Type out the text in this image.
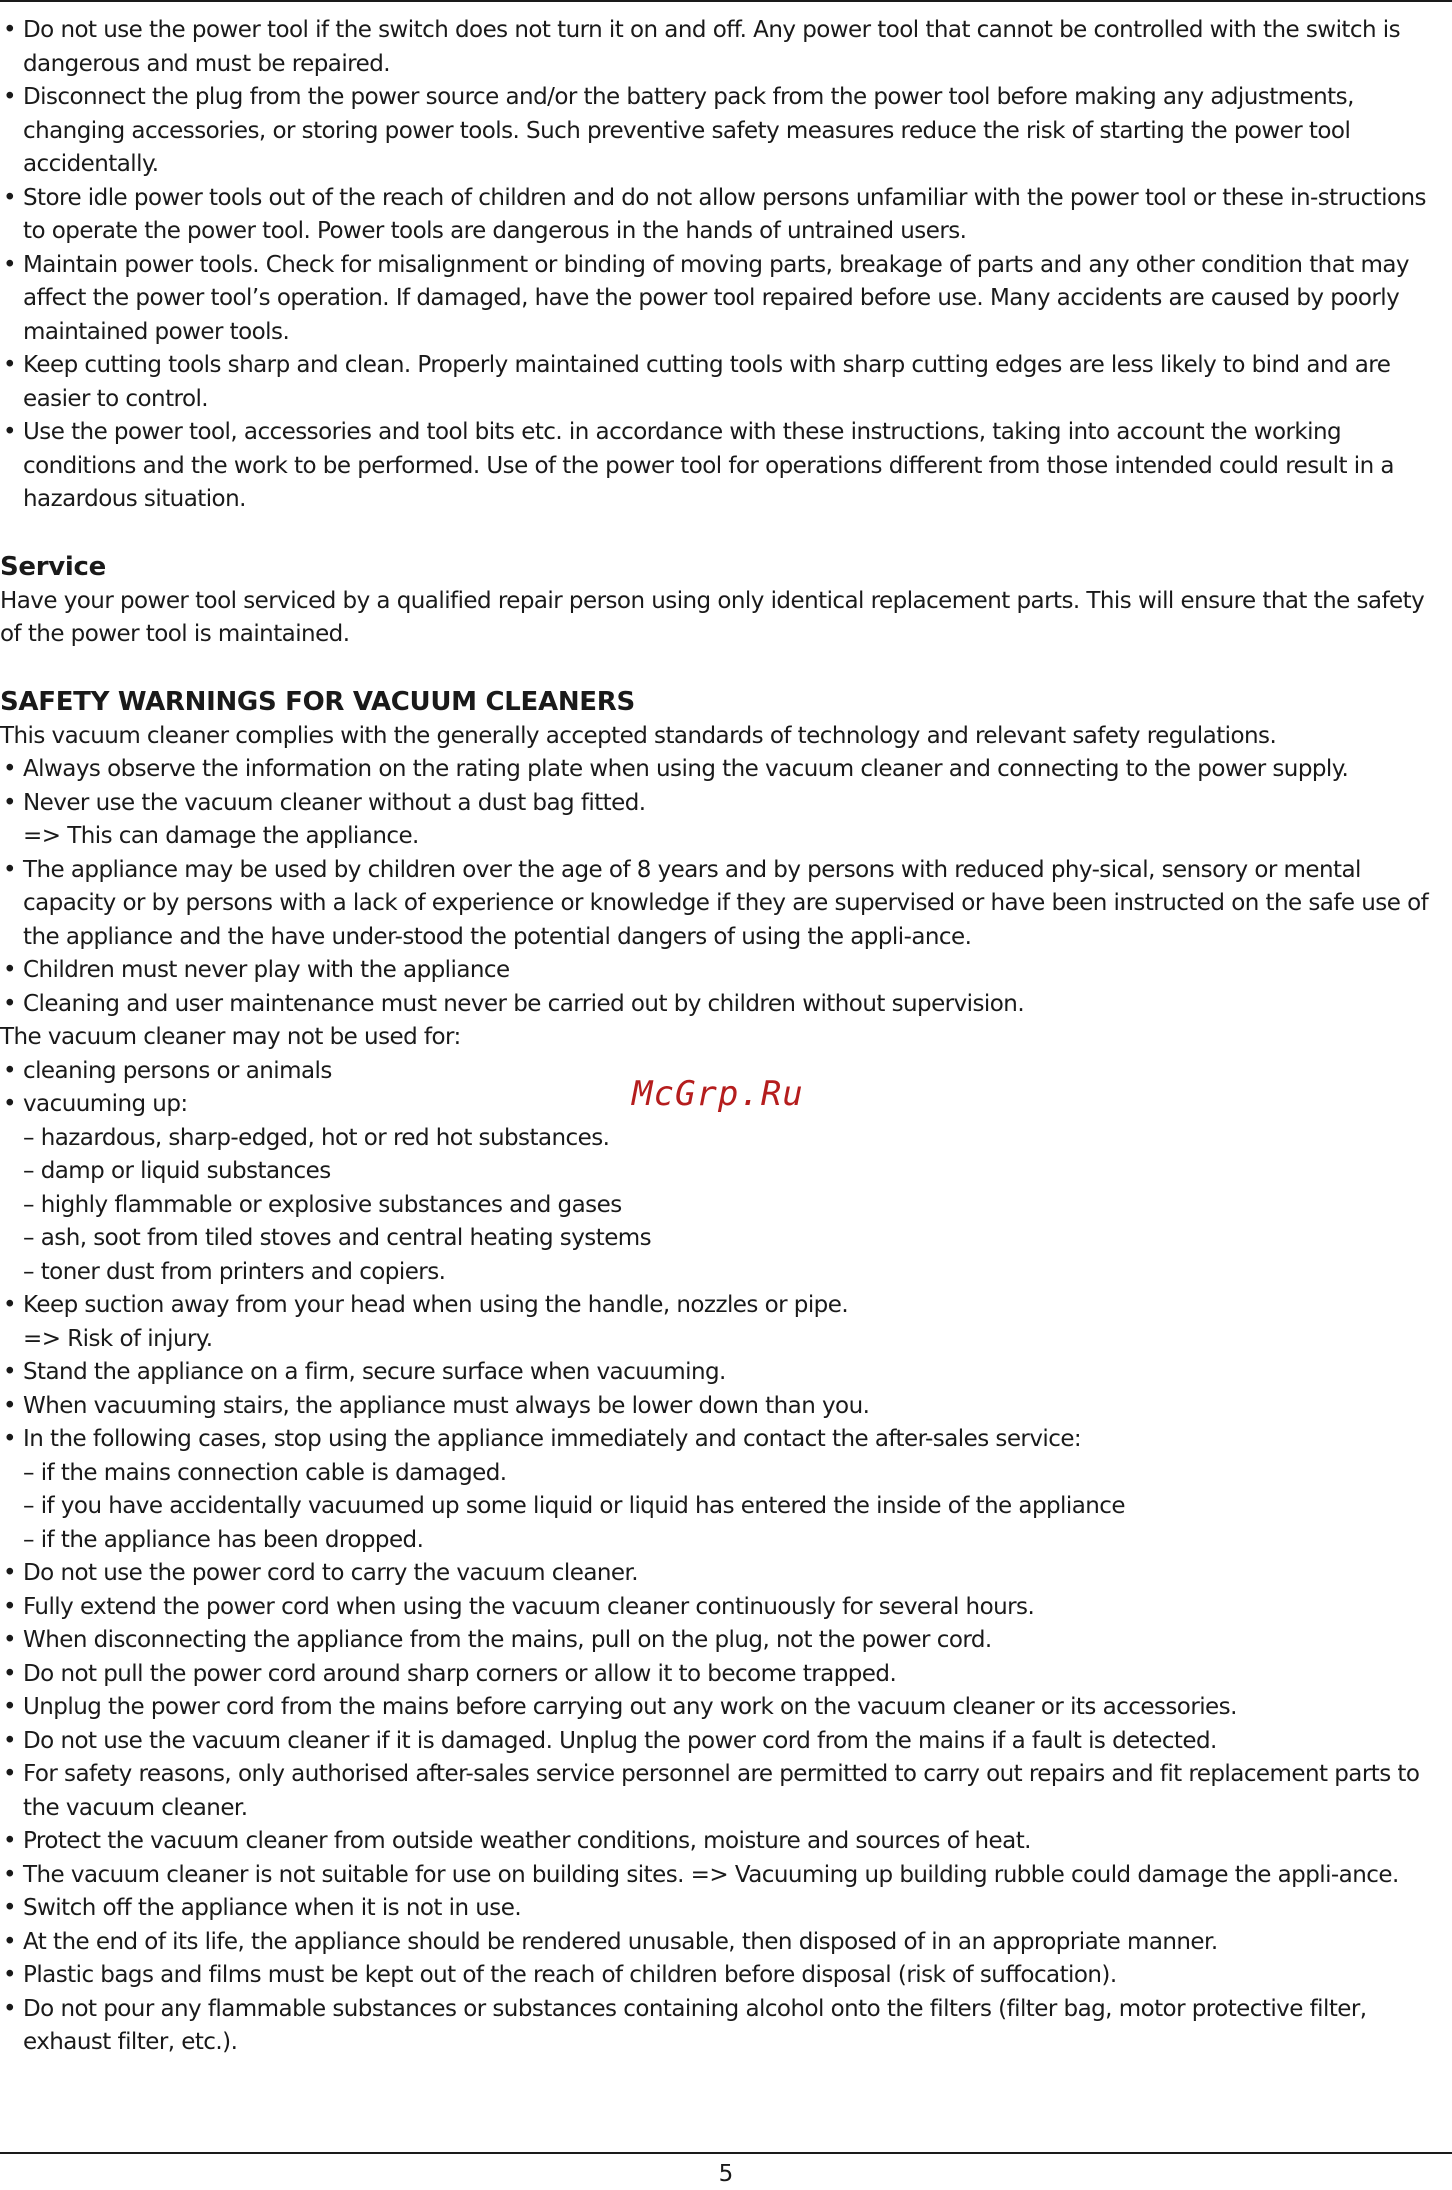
• Do not use the power tool if the switch does not turn it on and off. Any power tool that cannot be controlled with the switch is dangerous and must be repaired.

• Disconnect the plug from the power source and/or the battery pack from the power tool before making any adjustments, changing accessories, or storing power tools. Such preventive safety measures reduce the risk of starting the power tool accidentally.

• Store idle power tools out of the reach of children and do not allow persons unfamiliar with the power tool or these in-structions to operate the power tool. Power tools are dangerous in the hands of untrained users.

• Maintain power tools. Check for misalignment or binding of moving parts, breakage of parts and any other condition that may affect the power tool’s operation. If damaged, have the power tool repaired before use. Many accidents are caused by poorly maintained power tools.

• Keep cutting tools sharp and clean. Properly maintained cutting tools with sharp cutting edges are less likely to bind and are easier to control.

• Use the power tool, accessories and tool bits etc. in accordance with these instructions, taking into account the working conditions and the work to be performed. Use of the power tool for operations different from those intended could result in a hazardous situation.

Service

Have your power tool serviced by a qualified repair person using only identical replacement parts. This will ensure that the safety of the power tool is maintained.

SAFETY WARNINGS FOR VACUUM CLEANERS

This vacuum cleaner complies with the generally accepted standards of technology and relevant safety regulations.

• Always observe the information on the rating plate when using the vacuum cleaner and connecting to the power supply.

• Never use the vacuum cleaner without a dust bag fitted.

=> This can damage the appliance.

• The appliance may be used by children over the age of 8 years and by persons with reduced phy-sical, sensory or mental capacity or by persons with a lack of experience or knowledge if they are supervised or have been instructed on the safe use of the appliance and the have under-stood the potential dangers of using the appli-ance.

• Children must never play with the appliance

• Cleaning and user maintenance must never be carried out by children without supervision.

The vacuum cleaner may not be used for:

• cleaning persons or animals

• vacuuming up:

– hazardous, sharp-edged, hot or red hot substances.

– damp or liquid substances

– highly flammable or explosive substances and gases

– ash, soot from tiled stoves and central heating systems

– toner dust from printers and copiers.

• Keep suction away from your head when using the handle, nozzles or pipe.

=> Risk of injury.

• Stand the appliance on a firm, secure surface when vacuuming.

• When vacuuming stairs, the appliance must always be lower down than you.

• In the following cases, stop using the appliance immediately and contact the after-sales service:

– if the mains connection cable is damaged.

– if you have accidentally vacuumed up some liquid or liquid has entered the inside of the appliance

– if the appliance has been dropped.

• Do not use the power cord to carry the vacuum cleaner.

• Fully extend the power cord when using the vacuum cleaner continuously for several hours.

• When disconnecting the appliance from the mains, pull on the plug, not the power cord.

• Do not pull the power cord around sharp corners or allow it to become trapped.

• Unplug the power cord from the mains before carrying out any work on the vacuum cleaner or its accessories.

• Do not use the vacuum cleaner if it is damaged. Unplug the power cord from the mains if a fault is detected.

• For safety reasons, only authorised after-sales service personnel are permitted to carry out repairs and fit replacement parts to the vacuum cleaner.

• Protect the vacuum cleaner from outside weather conditions, moisture and sources of heat.

• The vacuum cleaner is not suitable for use on building sites. => Vacuuming up building rubble could damage the appli-ance.

• Switch off the appliance when it is not in use.

• At the end of its life, the appliance should be rendered unusable, then disposed of in an appropriate manner.

• Plastic bags and films must be kept out of the reach of children before disposal (risk of suffocation).

• Do not pour any flammable substances or substances containing alcohol onto the filters (filter bag, motor protective filter, exhaust filter, etc.).

McGrp.Ru
5
